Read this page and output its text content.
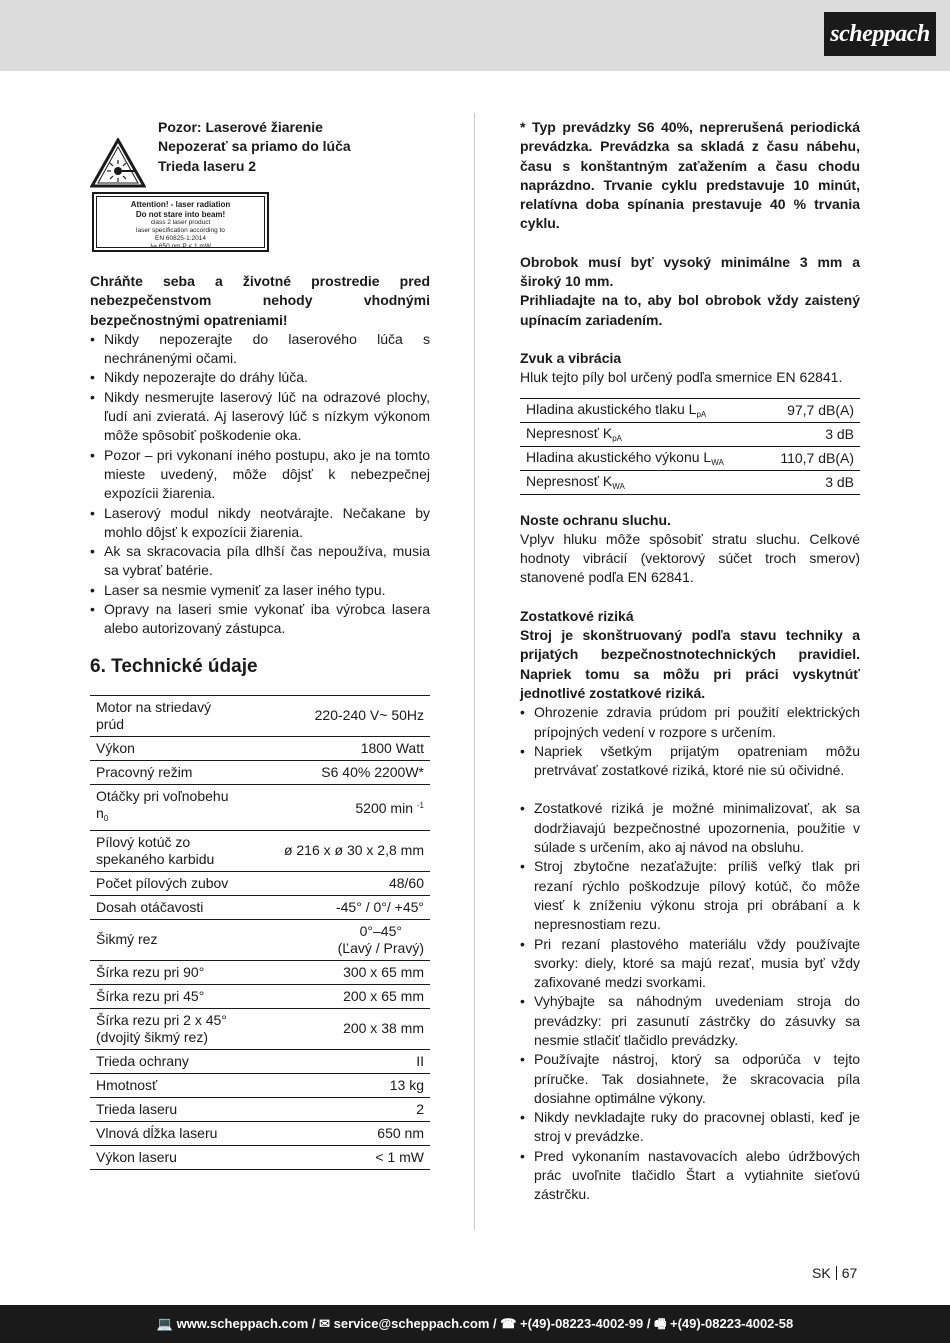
scheppach

Pozor: Laserové žiarenie

Nepozerať sa priamo do lúča

Trieda laseru 2

Attention! - laser radiation
Do not stare into beam!
class 2 laser product
laser specification according to
EN 60825-1:2014
λ= 650 nm P < 1 mW

Chráňte seba a životné prostredie pred nebezpečenstvom nehody vhodnými bezpečnostnými opatreniami!

• Nikdy nepozerajte do laserového lúča s nechránenými očami.
• Nikdy nepozerajte do dráhy lúča.
• Nikdy nesmerujte laserový lúč na odrazové plochy, ľudí ani zvieratá. Aj laserový lúč s nízkym výkonom môže spôsobiť poškodenie oka.
• Pozor – pri vykonaní iného postupu, ako je na tomto mieste uvedený, môže dôjsť k nebezpečnej expozícii žiarenia.
• Laserový modul nikdy neotvárajte. Nečakane by mohlo dôjsť k expozícii žiarenia.
• Ak sa skracovacia píla dlhší čas nepoužíva, musia sa vybrať batérie.
• Laser sa nesmie vymeniť za laser iného typu.
• Opravy na laseri smie vykonať iba výrobca lasera alebo autorizovaný zástupca.
6. Technické údaje
Motor na striedavý prúd	220-240 V~ 50Hz
Výkon	1800 Watt
Pracovný režim	S6 40% 2200W*
Otáčky pri voľnobehu $n_0$	5200 min $^{-1}$
Pílový kotúč zo spekaného karbidu	ø 216 x ø 30 x 2,8 mm
Počet pílových zubov	48/60
Dosah otáčavosti	-45° / 0°/ +45°
Šikmý rez	0°–45°
(Ľavý / Pravý)

Šírka rezu pri 90°	300 x 65 mm
Šírka rezu pri 45°	200 x 65 mm

Šírka rezu pri 2 x 45°
(dvojitý šikmý rez)	200 x 38 mm
Trieda ochrany	II
Hmotnosť	13 kg
Trieda laseru	2
Vlnová dĺžka laseru	650 nm
Výkon laseru	< 1 mW

* Typ prevádzky S6 40%, neprerušená periodická prevádzka. Prevádzka sa skladá z času nábehu, času s konštantným zaťažením a času chodu naprázdno. Trvanie cyklu predstavuje 10 minút, relatívna doba spínania prestavuje 40 % trvania cyklu.

Obrobok musí byť vysoký minimálne 3 mm a široký 10 mm.

Prihliadajte na to, aby bol obrobok vždy zaistený upínacím zariadením.

Zvuk a vibrácia

Hluk tejto píly bol určený podľa smernice EN 62841.

Hladina akustického tlaku $L_{pA}$	97,7 dB(A)
Nepresnosť $K_{pA}$	3 dB
Hladina akustického výkonu $L_{WA}$	110,7 dB(A)
Nepresnosť $K_{WA}$	3 dB

Noste ochranu sluchu.

Vplyv hluku môže spôsobiť stratu sluchu. Celkové hodnoty vibrácií (vektorový súčet troch smerov) stanovené podľa EN 62841.

Zostatkové riziká

Stroj je skonštruovaný podľa stavu techniky a prijatých bezpečnostnotechnických pravidiel. Napriek tomu sa môžu pri práci vyskytnúť jednotlivé zostatkové riziká.

• Ohrozenie zdravia prúdom pri použití elektrických prípojných vedení v rozpore s určením.
• Napriek všetkým prijatým opatreniam môžu pretrvávať zostatkové riziká, ktoré nie sú očividné.
• Zostatkové riziká je možné minimalizovať, ak sa dodržiavajú bezpečnostné upozornenia, použitie v súlade s určením, ako aj návod na obsluhu.
• Stroj zbytočne nezaťažujte: príliš veľký tlak pri rezaní rýchlo poškodzuje pílový kotúč, čo môže viesť k zníženiu výkonu stroja pri obrábaní a k nepresnostiam rezu.
• Pri rezaní plastového materiálu vždy používajte svorky: diely, ktoré sa majú rezať, musia byť vždy zafixované medzi svorkami.
• Vyhýbajte sa náhodným uvedeniam stroja do prevádzky: pri zasunutí zástrčky do zásuvky sa nesmie stlačiť tlačidlo prevádzky.
• Používajte nástroj, ktorý sa odporúča v tejto príručke. Tak dosiahnete, že skracovacia píla dosiahne optimálne výkony.
• Nikdy nevkladajte ruky do pracovnej oblasti, keď je stroj v prevádzke.
• Pred vykonaním nastavovacích alebo údržbových prác uvoľnite tlačidlo Štart a vytiahnite sieťovú zástrčku.
SK 67
💻 www.scheppach.com / ✉ service@scheppach.com / ☎ +(49)-08223-4002-99 / 🖷 +(49)-08223-4002-58
